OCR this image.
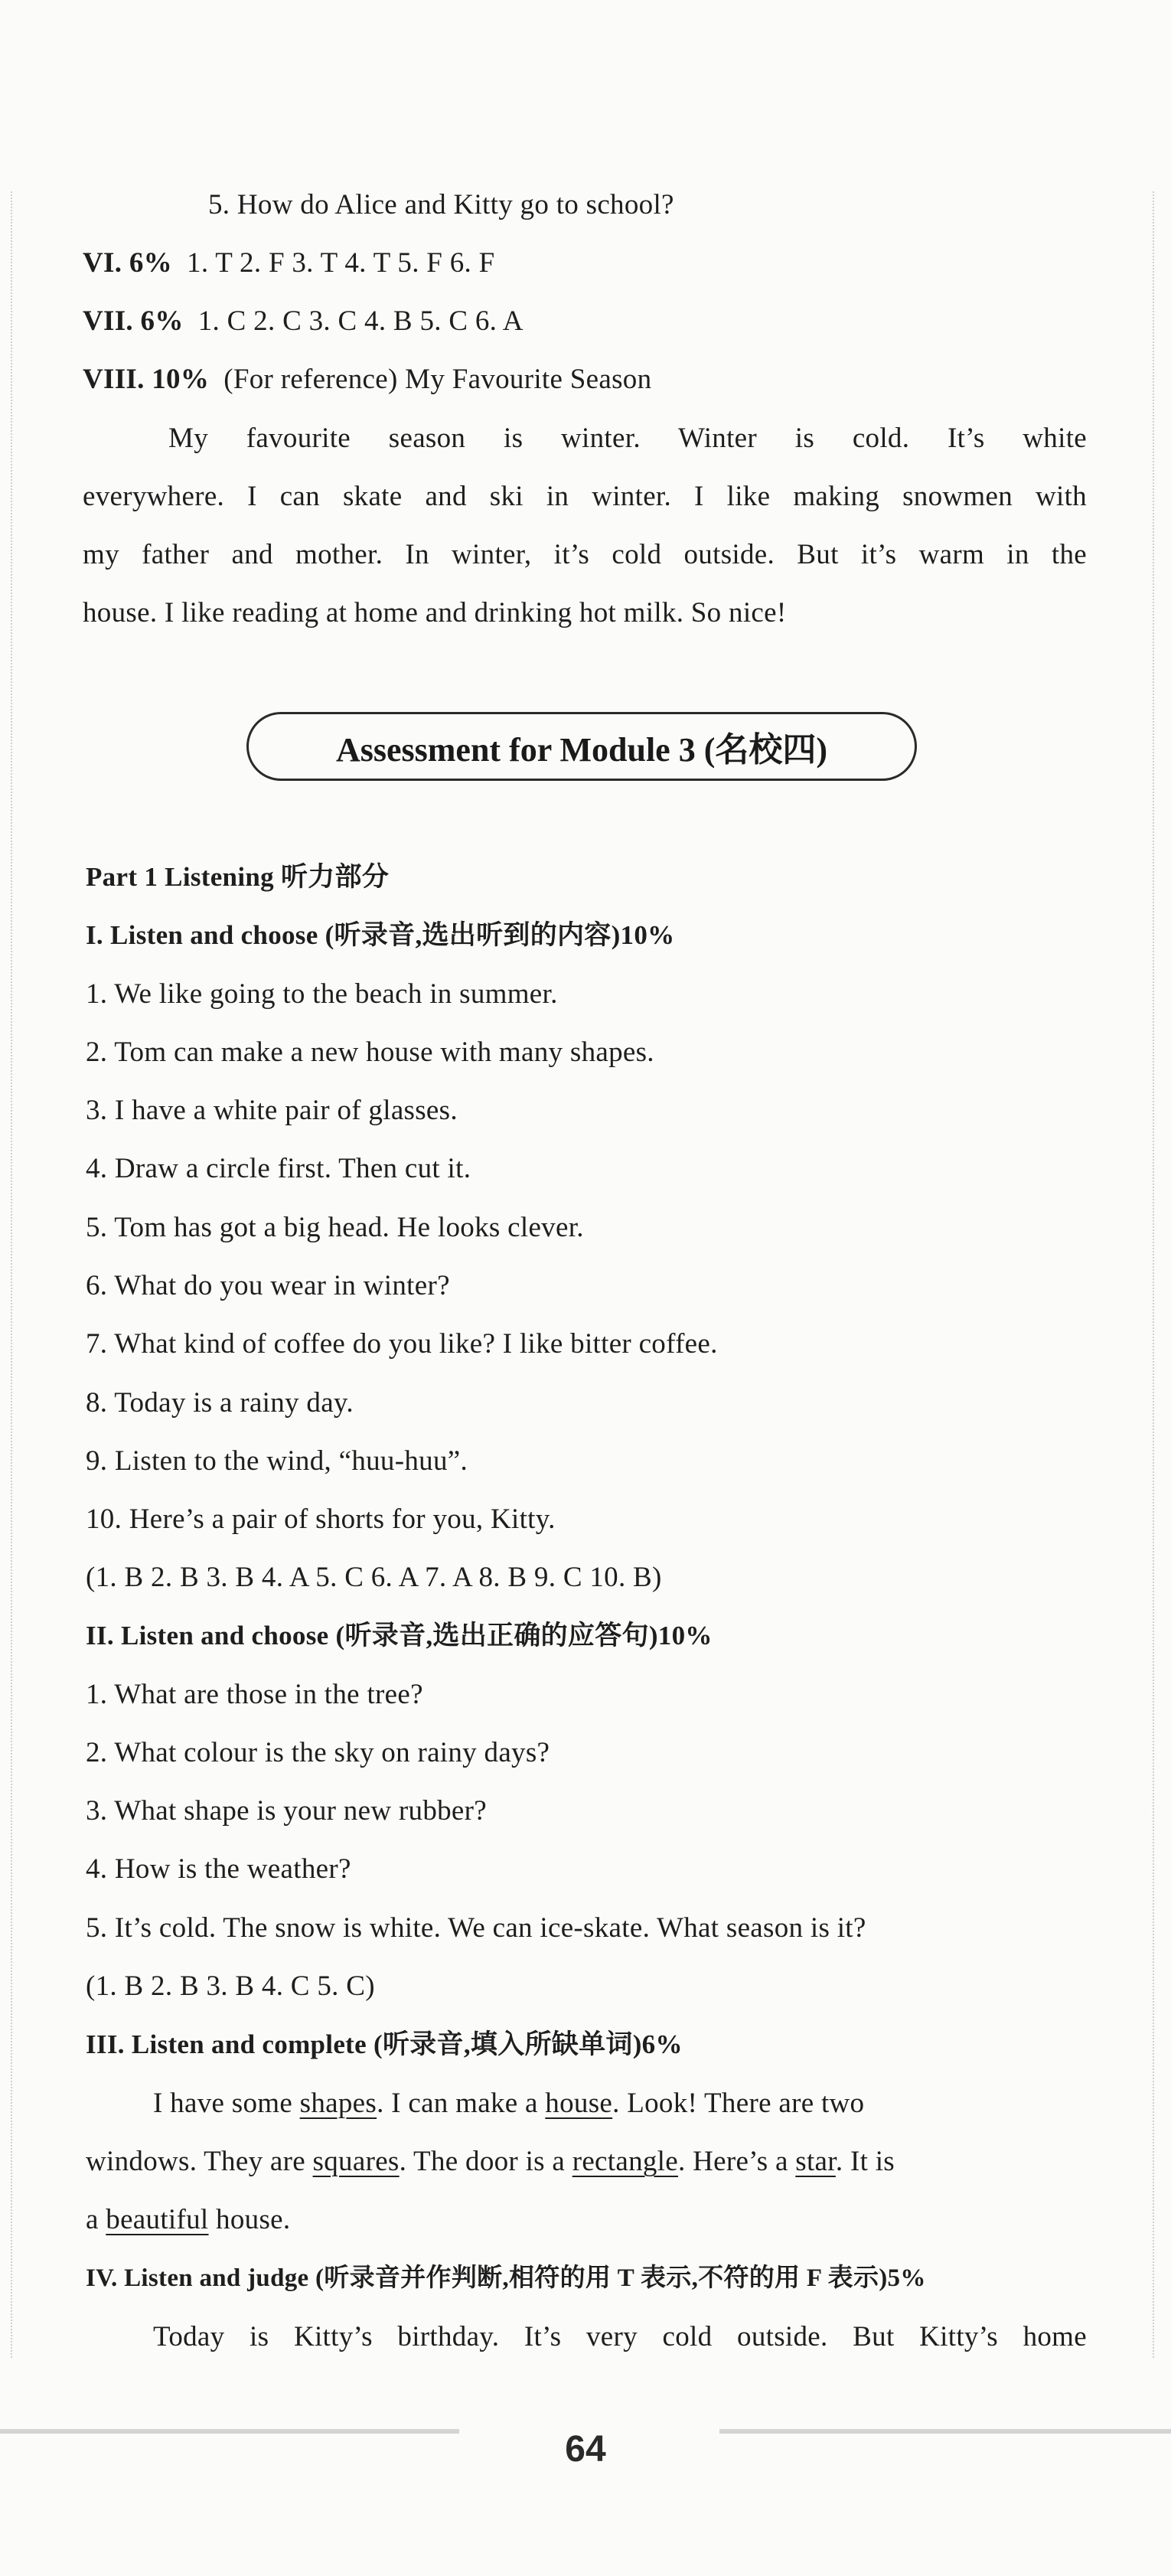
5. How do Alice and Kitty go to school?
VI. 6% 1. T 2. F 3. T 4. T 5. F 6. F
VII. 6% 1. C 2. C 3. C 4. B 5. C 6. A
VIII. 10% (For reference) My Favourite Season
My favourite season is winter. Winter is cold. It’s white
everywhere. I can skate and ski in winter. I like making snowmen with
my father and mother. In winter, it’s cold outside. But it’s warm in the
house. I like reading at home and drinking hot milk. So nice!
Assessment for Module 3 (名校四)
Part 1 Listening 听力部分
I. Listen and choose (听录音,选出听到的内容)10%
1. We like going to the beach in summer.
2. Tom can make a new house with many shapes.
3. I have a white pair of glasses.
4. Draw a circle first. Then cut it.
5. Tom has got a big head. He looks clever.
6. What do you wear in winter?
7. What kind of coffee do you like? I like bitter coffee.
8. Today is a rainy day.
9. Listen to the wind, “huu-huu”.
10. Here’s a pair of shorts for you, Kitty.
(1. B 2. B 3. B 4. A 5. C 6. A 7. A 8. B 9. C 10. B)
II. Listen and choose (听录音,选出正确的应答句)10%
1. What are those in the tree?
2. What colour is the sky on rainy days?
3. What shape is your new rubber?
4. How is the weather?
5. It’s cold. The snow is white. We can ice-skate. What season is it?
(1. B 2. B 3. B 4. C 5. C)
III. Listen and complete (听录音,填入所缺单词)6%
I have some shapes. I can make a house. Look! There are two
windows. They are squares. The door is a rectangle. Here’s a star. It is
a beautiful house.
IV. Listen and judge (听录音并作判断,相符的用 T 表示,不符的用 F 表示)5%
Today is Kitty’s birthday. It’s very cold outside. But Kitty’s home
64
